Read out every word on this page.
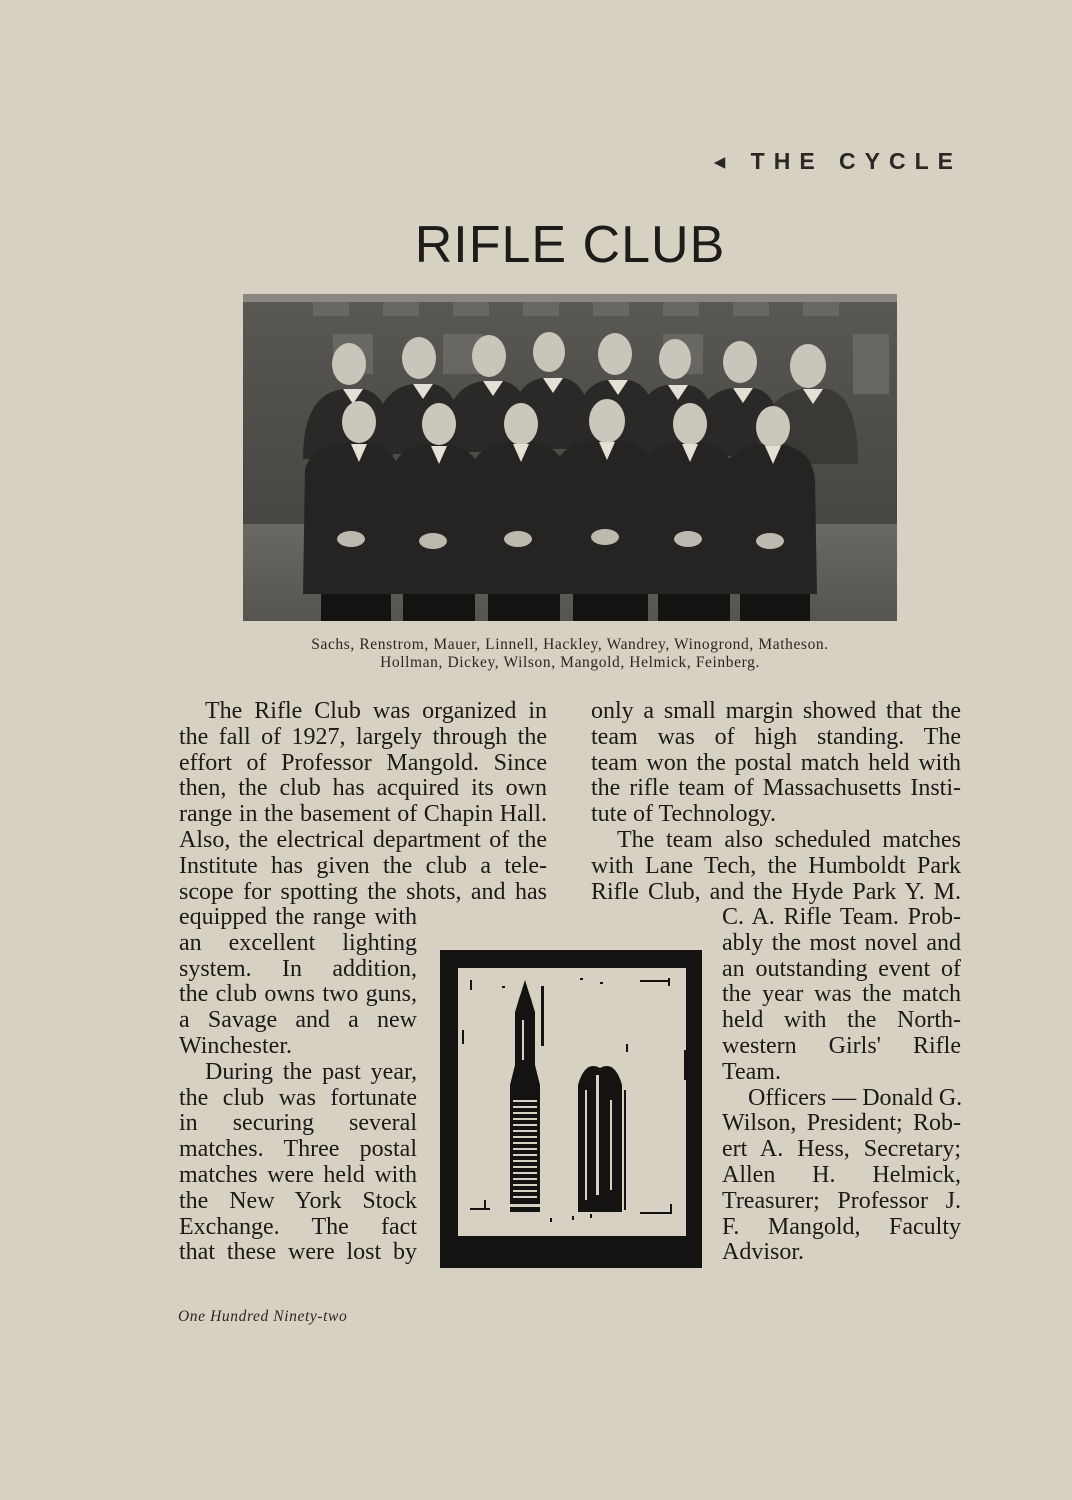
◂ THE CYCLE
RIFLE CLUB
Sachs, Renstrom, Mauer, Linnell, Hackley, Wandrey, Winogrond, Matheson.
Hollman, Dickey, Wilson, Mangold, Helmick, Feinberg.
The Rifle Club was organized in
the fall of 1927, largely through the
effort of Professor Mangold. Since
then, the club has acquired its own
range in the basement of Chapin Hall.
Also, the electrical department of the
Institute has given the club a tele-
scope for spotting the shots, and has
equipped the range with
an excellent lighting
system. In addition,
the club owns two guns,
a Savage and a new
Winchester.
During the past year,
the club was fortunate
in securing several
matches. Three postal
matches were held with
the New York Stock
Exchange. The fact
that these were lost by
only a small margin showed that the
team was of high standing. The
team won the postal match held with
the rifle team of Massachusetts Insti-
tute of Technology.
The team also scheduled matches
with Lane Tech, the Humboldt Park
Rifle Club, and the Hyde Park Y. M.
C. A. Rifle Team. Prob-
ably the most novel and
an outstanding event of
the year was the match
held with the North-
western Girls' Rifle
Team.
Officers — Donald G.
Wilson, President; Rob-
ert A. Hess, Secretary;
Allen H. Helmick,
Treasurer; Professor J.
F. Mangold, Faculty
Advisor.
One Hundred Ninety-two
